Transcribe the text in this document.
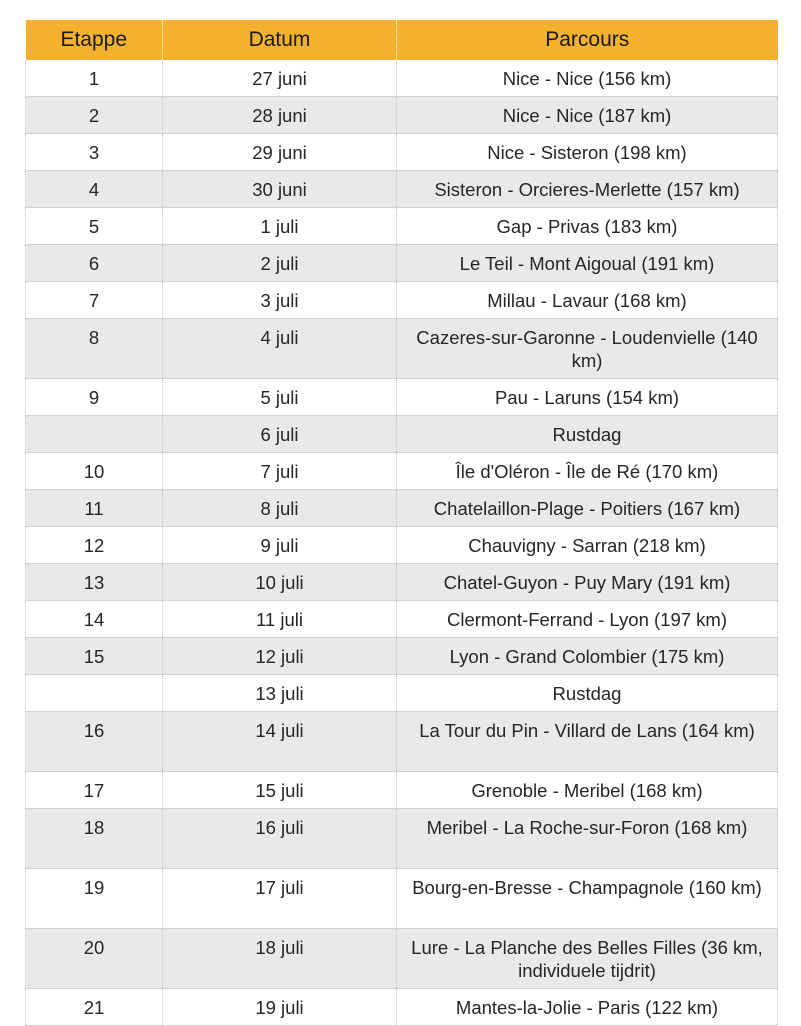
Etappe	Datum	Parcours
1	27 juni	Nice - Nice (156 km)
2	28 juni	Nice - Nice (187 km)
3	29 juni	Nice - Sisteron (198 km)
4	30 juni	Sisteron - Orcieres-Merlette (157 km)
5	1 juli	Gap - Privas (183 km)
6	2 juli	Le Teil - Mont Aigoual (191 km)
7	3 juli	Millau - Lavaur (168 km)
8	4 juli	Cazeres-sur-Garonne - Loudenvielle (140 km)
9	5 juli	Pau - Laruns (154 km)
	6 juli	Rustdag
10	7 juli	Île d'Oléron - Île de Ré (170 km)
11	8 juli	Chatelaillon-Plage - Poitiers (167 km)
12	9 juli	Chauvigny - Sarran (218 km)
13	10 juli	Chatel-Guyon - Puy Mary (191 km)
14	11 juli	Clermont-Ferrand - Lyon (197 km)
15	12 juli	Lyon - Grand Colombier (175 km)
	13 juli	Rustdag
16	14 juli	La Tour du Pin - Villard de Lans (164 km)
17	15 juli	Grenoble - Meribel (168 km)
18	16 juli	Meribel - La Roche-sur-Foron (168 km)
19	17 juli	Bourg-en-Bresse - Champagnole (160 km)
20	18 juli	Lure - La Planche des Belles Filles (36 km, individuele tijdrit)
21	19 juli	Mantes-la-Jolie - Paris (122 km)
